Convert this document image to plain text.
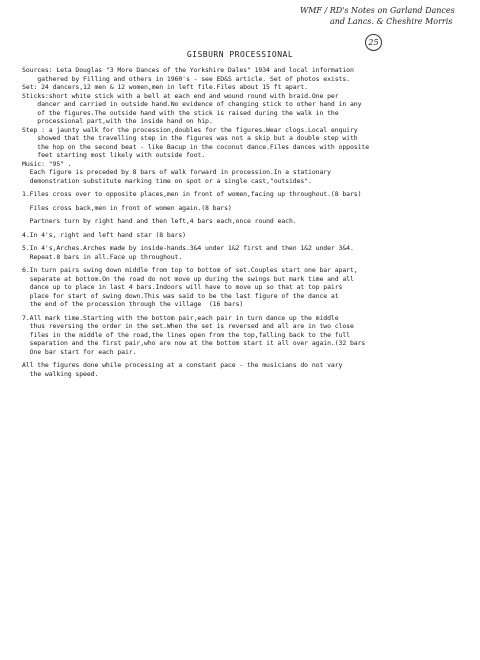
WMF / RD's Notes on Garland Dances
and Lancs. & Cheshire Morris
25
GISBURN PROCESSIONAL

Sources: Leta Douglas "3 More Dances of the Yorkshire Dales" 1934 and local information
gathered by Filling and others in 1960's - see ED&S article. Set of photos exists.

Set: 24 dancers,12 men & 12 women,men in left file.Files about 15 ft apart.

Sticks:short white stick with a bell at each end and wound round with braid.One per
dancer and carried in outside hand.No evidence of changing stick to other hand in any
of the figures.The outside hand with the stick is raised during the walk in the
processional part,with the inside hand on hip.

Step : a jaunty walk for the procession,doubles for the figures.Wear clogs.Local enquiry
showed that the travelling step in the figures was not a skip but a double step with
the hop on the second beat - like Bacup in the coconut dance.Files dances with opposite
feet starting most likely with outside foot.

Music: "95" .

Each figure is preceded by 8 bars of walk forward in procession.In a stationary
demonstration substitute marking time on spot or a single cast,"outsides".

1.Files cross over to opposite places,men in front of women,facing up throughout.(8 bars)

Files cross back,men in front of women again.(8 bars)

Partners turn by right hand and then left,4 bars each,once round each.

4.In 4's, right and left hand star (8 bars)

5.In 4's,Arches.Arches made by inside-hands.3&4 under 1&2 first and then 1&2 under 3&4.
Repeat.8 bars in all.Face up throughout.

6.In turn pairs swing down middle from top to bottom of set.Couples start one bar apart,
separate at bottom.On the road do not move up during the swings but mark time and all
dance up to place in last 4 bars.Indoors will have to move up so that at top pairs
place for start of swing down.This was said to be the last figure of the dance at
the end of the procession through the village  (16 bars)

7.All mark time.Starting with the bottom pair,each pair in turn dance up the middle
thus reversing the order in the set.When the set is reversed and all are in two close
files in the middle of the road,the lines open from the top,falling back to the full
separation and the first pair,who are now at the bottom start it all over again.(32 bars
One bar start for each pair.

All the figures done while processing at a constant pace - the musicians do not vary
the walking speed.
